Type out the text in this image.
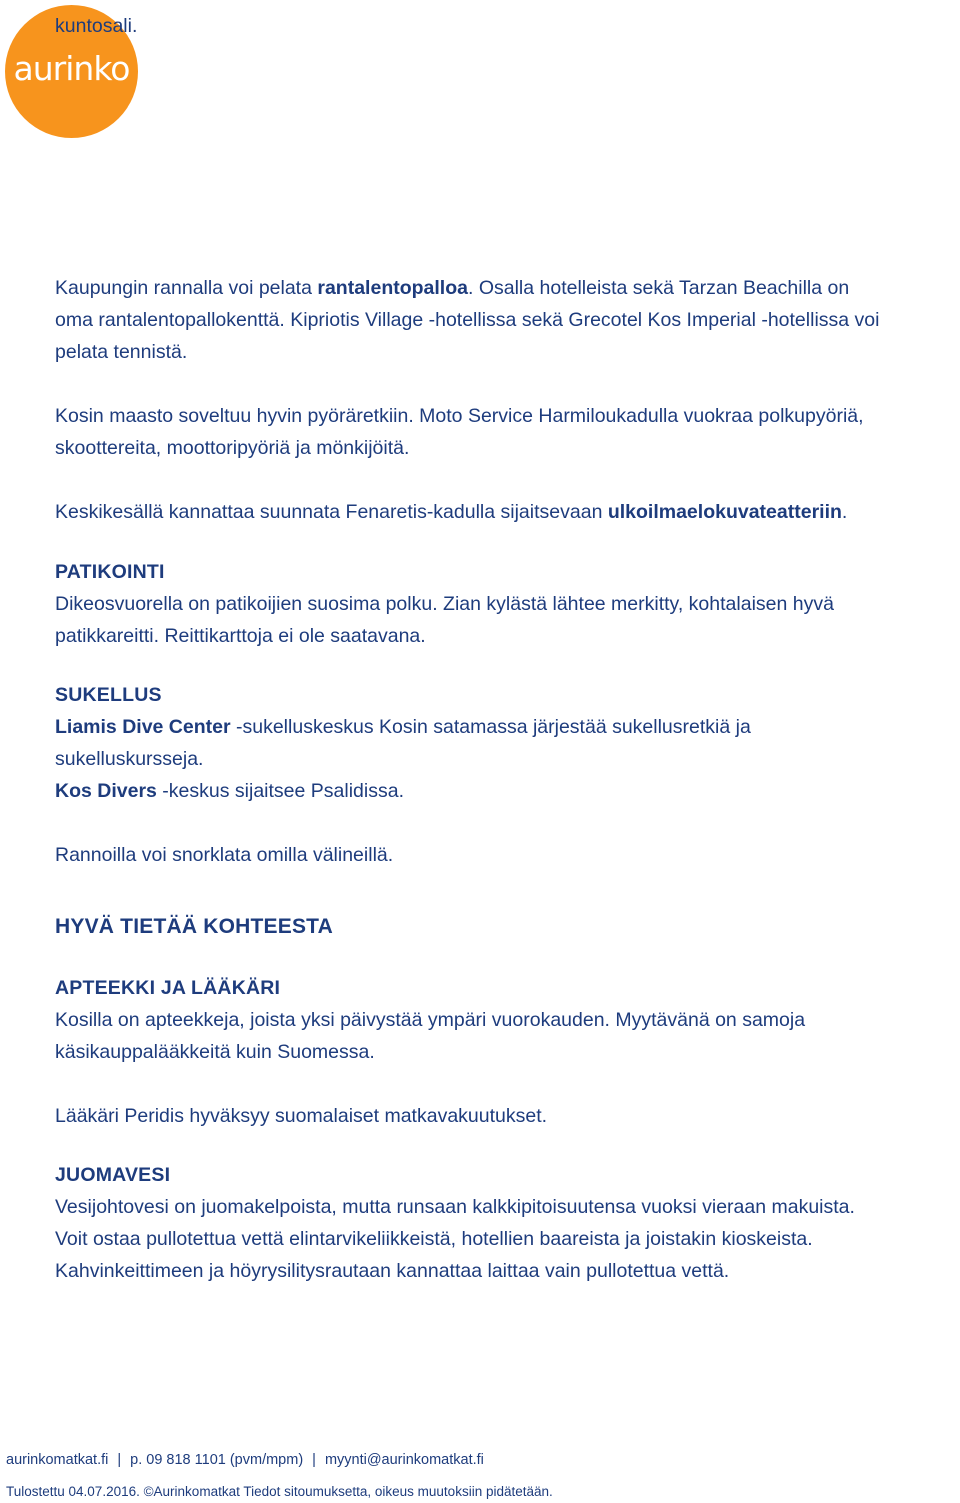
aurinko
kuntosali.
Kaupungin rannalla voi pelata rantalentopalloa. Osalla hotelleista sekä Tarzan Beachilla on
oma rantalentopallokenttä. Kipriotis Village -hotellissa sekä Grecotel Kos Imperial -hotellissa voi
pelata tennistä.
Kosin maasto soveltuu hyvin pyöräretkiin. Moto Service Harmiloukadulla vuokraa polkupyöriä,
skoottereita, moottoripyöriä ja mönkijöitä.
Keskikesällä kannattaa suunnata Fenaretis-kadulla sijaitsevaan ulkoilmaelokuvateatteriin.
PATIKOINTI
Dikeosvuorella on patikoijien suosima polku. Zian kylästä lähtee merkitty, kohtalaisen hyvä
patikkareitti. Reittikarttoja ei ole saatavana.
SUKELLUS
Liamis Dive Center -sukelluskeskus Kosin satamassa järjestää sukellusretkiä ja
sukelluskursseja.
Kos Divers -keskus sijaitsee Psalidissa.
Rannoilla voi snorklata omilla välineillä.
HYVÄ TIETÄÄ KOHTEESTA
APTEEKKI JA LÄÄKÄRI
Kosilla on apteekkeja, joista yksi päivystää ympäri vuorokauden. Myytävänä on samoja
käsikauppalääkkeitä kuin Suomessa.
Lääkäri Peridis hyväksyy suomalaiset matkavakuutukset.
JUOMAVESI
Vesijohtovesi on juomakelpoista, mutta runsaan kalkkipitoisuutensa vuoksi vieraan makuista.
Voit ostaa pullotettua vettä elintarvikeliikkeistä, hotellien baareista ja joistakin kioskeista.
Kahvinkeittimeen ja höyrysilitysrautaan kannattaa laittaa vain pullotettua vettä.
aurinkomatkat.fi | p. 09 818 1101 (pvm/mpm) | myynti@aurinkomatkat.fi
Tulostettu 04.07.2016. ©Aurinkomatkat Tiedot sitoumuksetta, oikeus muutoksiin pidätetään.
